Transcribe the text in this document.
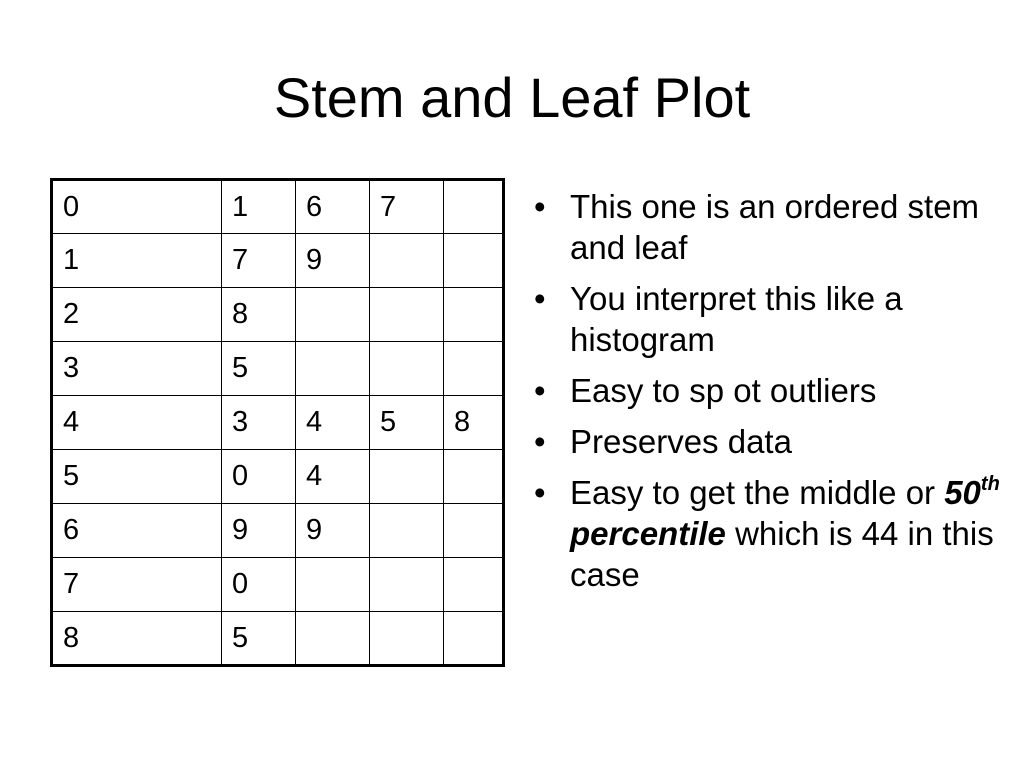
Stem and Leaf Plot
0	1	6	7	
1	7	9		
2	8			
3	5			
4	3	4	5	8
5	0	4		
6	9	9		
7	0			
8	5			
• This one is an ordered stem and leaf
• You interpret this like a histogram
• Easy to sp ot outliers
• Preserves data
• Easy to get the middle or 50th percentile which is 44 in this case
